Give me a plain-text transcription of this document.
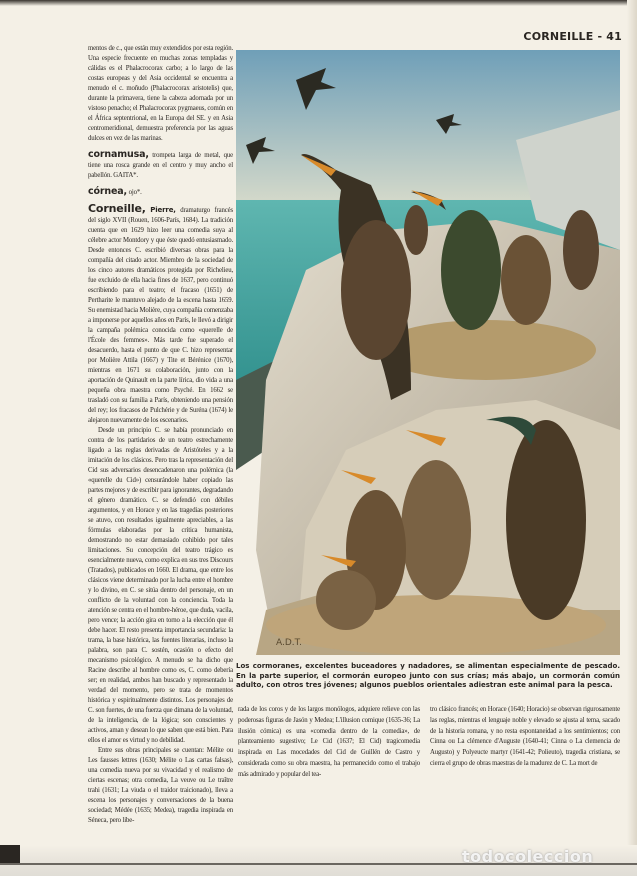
CORNEILLE - 41

mentos de c., que están muy extendidos por esta región. Una especie frecuente en muchas zonas templadas y cálidas es el Phalacrocorax carbo; a lo largo de las costas europeas y del Asia occidental se encuentra a menudo el c. moñudo (Phalacrocorax aristotelis) que, durante la primavera, tiene la cabeza adornada por un vistoso penacho; el Phalacrocorax pygmaeus, común en el África septentrional, en la Europa del SE. y en Asia centromeridional, demuestra preferencia por las aguas dulces en vez de las marinas.

cornamusa, trompeta larga de metal, que tiene una rosca grande en el centro y muy ancho el pabellón. GAITA*.

córnea, ojo*.

Corneille, Pierre, dramaturgo francés del siglo XVII (Rouen, 1606-París, 1684). La tradición cuenta que en 1629 hizo leer una comedia suya al célebre actor Montdory y que éste quedó entusiasmado. Desde entonces C. escribió diversas obras para la compañía del citado actor. Miembro de la sociedad de los cinco autores dramáticos protegida por Richelieu, fue excluido de ella hacia fines de 1637, pero continuó escribiendo para el teatro; el fracaso (1651) de Pertharite le mantuvo alejado de la escena hasta 1659. Su enemistad hacia Molière, cuya compañía comenzaba a imponerse por aquellos años en París, le llevó a dirigir la campaña polémica conocida como «querelle de l'École des femmes». Más tarde fue superado el desacuerdo, hasta el punto de que C. hizo representar por Molière Attila (1667) y Tite et Bérénice (1670), mientras en 1671 su colaboración, junto con la aportación de Quinault en la parte lírica, dio vida a una pequeña obra maestra como Psyché. En 1662 se trasladó con su familia a París, obteniendo una pensión del rey; los fracasos de Pulchérie y de Suréna (1674) le alejaron nuevamente de los escenarios.

Desde un principio C. se había pronunciado en contra de los partidarios de un teatro estrechamente ligado a las reglas derivadas de Aristóteles y a la imitación de los clásicos. Pero tras la representación del Cid sus adversarios desencadenaron una polémica (la «querelle du Cid») censurándole haber copiado las partes mejores y de escribir para ignorantes, degradando el género dramático. C. se defendió con débiles argumentos, y en Horace y en las tragedias posteriores se atuvo, con resultados igualmente apreciables, a las fórmulas elaboradas por la crítica humanista, demostrando no estar demasiado cohibido por tales limitaciones. Su concepción del teatro trágico es esencialmente nueva, como explica en sus tres Discours (Tratados), publicados en 1660. El drama, que entre los clásicos viene determinado por la lucha entre el hombre y lo divino, en C. se sitúa dentro del personaje, en un conflicto de la voluntad con la conciencia. Toda la atención se centra en el hombre-héroe, que duda, vacila, pero vence; la acción gira en torno a la elección que él debe hacer. El resto presenta importancia secundaria: la trama, la base histórica, las fuentes literarias, incluso la palabra, son para C. sostén, ocasión o efecto del mecanismo psicológico. A menudo se ha dicho que Racine describe al hombre como es, C. como debería ser; en realidad, ambos han buscado y representado la verdad del momento, pero se trata de momentos histórica y espiritualmente distintos. Los personajes de C. son fuertes, de una fuerza que dimana de la voluntad, de la inteligencia, de la lógica; son conscientes y activos, aman y desean lo que saben que está bien. Para ellos el amor es virtud y no debilidad.

Entre sus obras principales se cuentan: Mélite ou Les fausses lettres (1630; Mélite o Las cartas falsas), una comedia nueva por su vivacidad y el realismo de ciertas escenas; otra comedia, La veuve ou Le traître trahi (1631; La viuda o el traidor traicionado), lleva a escena los personajes y conversaciones de la buena sociedad; Médée (1635; Medea), tragedia inspirada en Séneca, pero libe-

A.D.T.
Los cormoranes, excelentes buceadores y nadadores, se alimentan especialmente de pescado. En la parte superior, el cormorán europeo junto con sus crías; más abajo, un cormorán común adulto, con otros tres jóvenes; algunos pueblos orientales adiestran este animal para la pesca.

rada de los coros y de los largos monólogos, adquiere relieve con las poderosas figuras de Jasón y Medea; L'illusion comique (1635-36; La ilusión cómica) es una «comedia dentro de la comedia», de planteamiento sugestivo; Le Cid (1637; El Cid) tragicomedia inspirada en Las mocedades del Cid de Guillén de Castro y considerada como su obra maestra, ha permanecido como el trabajo más admirado y popular del tea-

tro clásico francés; en Horace (1640; Horacio) se observan rigurosamente las reglas, mientras el lenguaje noble y elevado se ajusta al tema, sacado de la historia romana, y no resta espontaneidad a los sentimientos; con Cinna ou La clémence d'Auguste (1640-41; Cinna o La clemencia de Augusto) y Polyeucte martyr (1641-42; Polieuto), tragedia cristiana, se cierra el grupo de obras maestras de la madurez de C. La mort de

todocoleccion
